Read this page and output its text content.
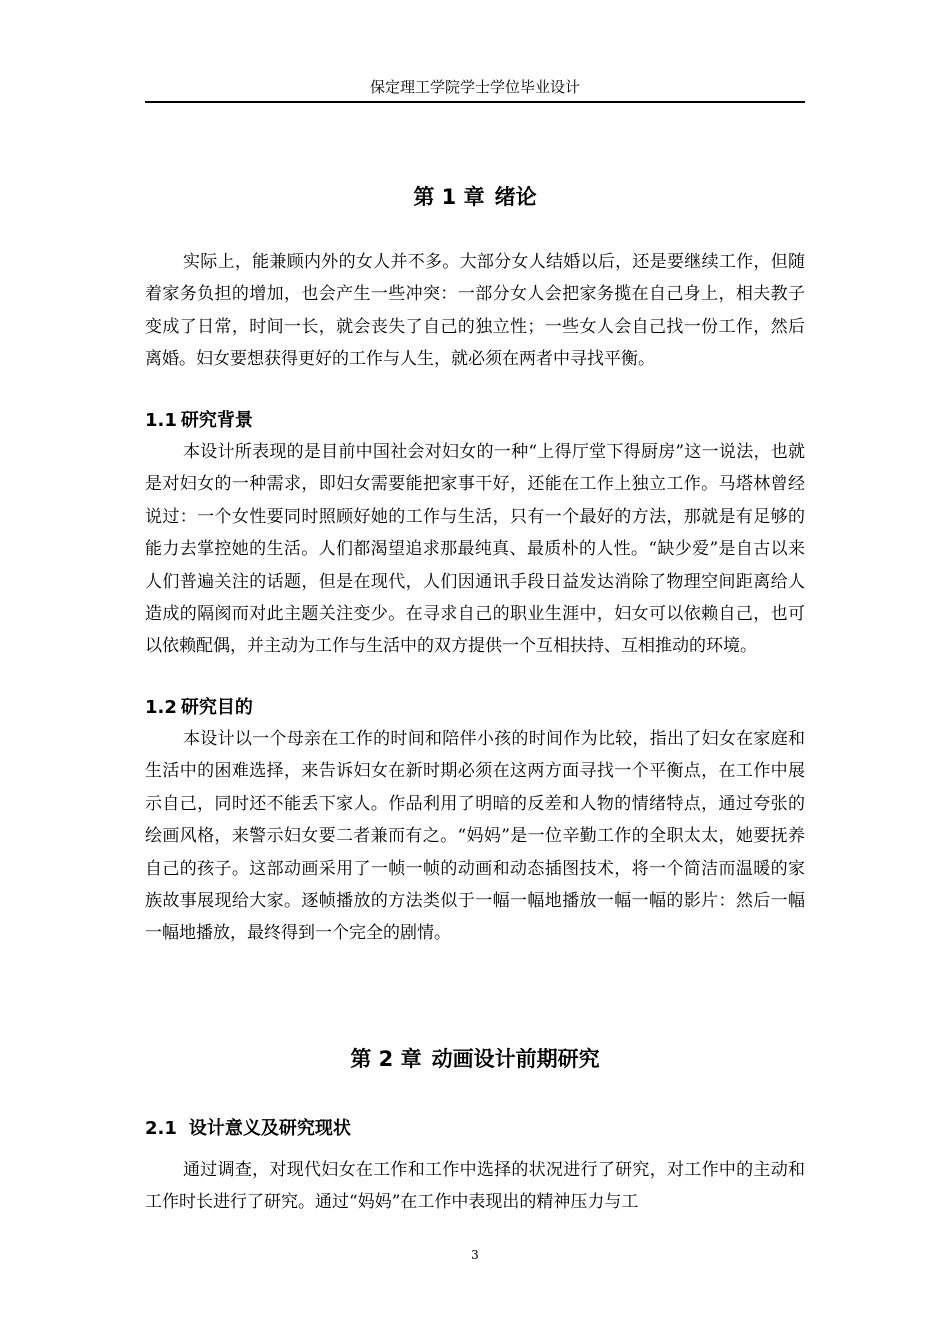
保定理工学院学士学位毕业设计
第 1 章 绪论

实际上，能兼顾内外的女人并不多。大部分女人结婚以后，还是要继续工作，但随着家务负担的增加，也会产生一些冲突：一部分女人会把家务揽在自己身上，相夫教子变成了日常，时间一长，就会丧失了自己的独立性；一些女人会自己找一份工作，然后离婚。妇女要想获得更好的工作与人生，就必须在两者中寻找平衡。

1.1 研究背景

本设计所表现的是目前中国社会对妇女的一种“上得厅堂下得厨房”这一说法，也就是对妇女的一种需求，即妇女需要能把家事干好，还能在工作上独立工作。马塔林曾经说过：一个女性要同时照顾好她的工作与生活，只有一个最好的方法，那就是有足够的能力去掌控她的生活。人们都渴望追求那最纯真、最质朴的人性。“缺少爱”是自古以来人们普遍关注的话题，但是在现代，人们因通讯手段日益发达消除了物理空间距离给人造成的隔阂而对此主题关注变少。在寻求自己的职业生涯中，妇女可以依赖自己，也可以依赖配偶，并主动为工作与生活中的双方提供一个互相扶持、互相推动的环境。

1.2 研究目的

本设计以一个母亲在工作的时间和陪伴小孩的时间作为比较，指出了妇女在家庭和生活中的困难选择，来告诉妇女在新时期必须在这两方面寻找一个平衡点，在工作中展示自己，同时还不能丢下家人。作品利用了明暗的反差和人物的情绪特点，通过夸张的绘画风格，来警示妇女要二者兼而有之。“妈妈”是一位辛勤工作的全职太太，她要抚养自己的孩子。这部动画采用了一帧一帧的动画和动态插图技术，将一个简洁而温暖的家族故事展现给大家。逐帧播放的方法类似于一幅一幅地播放一幅一幅的影片：然后一幅一幅地播放，最终得到一个完全的剧情。

第 2 章 动画设计前期研究
2.1 设计意义及研究现状

通过调查，对现代妇女在工作和工作中选择的状况进行了研究，对工作中的主动和工作时长进行了研究。通过“妈妈”在工作中表现出的精神压力与工

3
